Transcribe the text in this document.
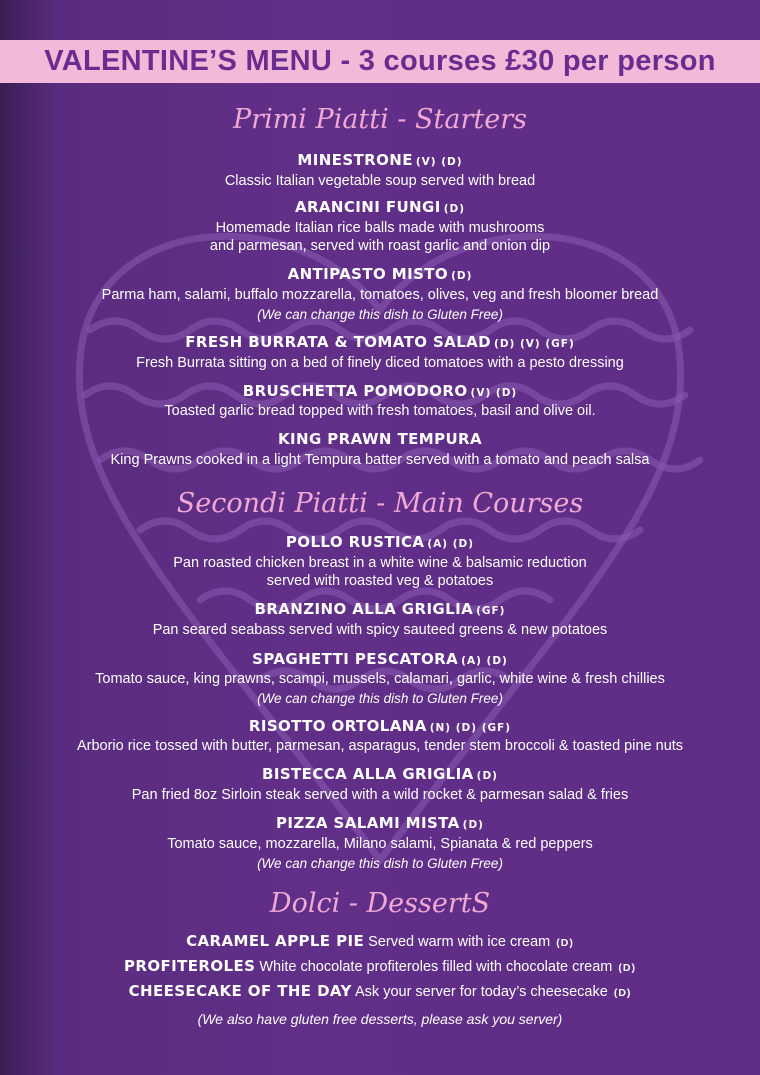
VALENTINE’S MENU - 3 courses £30 per person
Primi Piatti - Starters
MINESTRONE (V) (D)
Classic Italian vegetable soup served with bread
ARANCINI FUNGI (D)
Homemade Italian rice balls made with mushrooms
and parmesan, served with roast garlic and onion dip
ANTIPASTO MISTO (D)
Parma ham, salami, buffalo mozzarella, tomatoes, olives, veg and fresh bloomer bread
(We can change this dish to Gluten Free)
FRESH BURRATA & TOMATO SALAD (D) (V) (GF)
Fresh Burrata sitting on a bed of finely diced tomatoes with a pesto dressing
BRUSCHETTA POMODORO (V) (D)
Toasted garlic bread topped with fresh tomatoes, basil and olive oil.
KING PRAWN TEMPURA
King Prawns cooked in a light Tempura batter served with a tomato and peach salsa
Secondi Piatti - Main Courses
POLLO RUSTICA (A) (D)
Pan roasted chicken breast in a white wine & balsamic reduction
served with roasted veg & potatoes
BRANZINO ALLA GRIGLIA (GF)
Pan seared seabass served with spicy sauteed greens & new potatoes
SPAGHETTI PESCATORA (A) (D)
Tomato sauce, king prawns, scampi, mussels, calamari, garlic, white wine & fresh chillies
(We can change this dish to Gluten Free)
RISOTTO ORTOLANA (N) (D) (GF)
Arborio rice tossed with butter, parmesan, asparagus, tender stem broccoli & toasted pine nuts
BISTECCA ALLA GRIGLIA (D)
Pan fried 8oz Sirloin steak served with a wild rocket & parmesan salad & fries
PIZZA SALAMI MISTA (D)
Tomato sauce, mozzarella, Milano salami, Spianata & red peppers
(We can change this dish to Gluten Free)
Dolci - DessertS
CARAMEL APPLE PIE Served warm with ice cream (D)
PROFITEROLES White chocolate profiteroles filled with chocolate cream (D)
CHEESECAKE OF THE DAY Ask your server for today’s cheesecake (D)
(We also have gluten free desserts, please ask you server)
